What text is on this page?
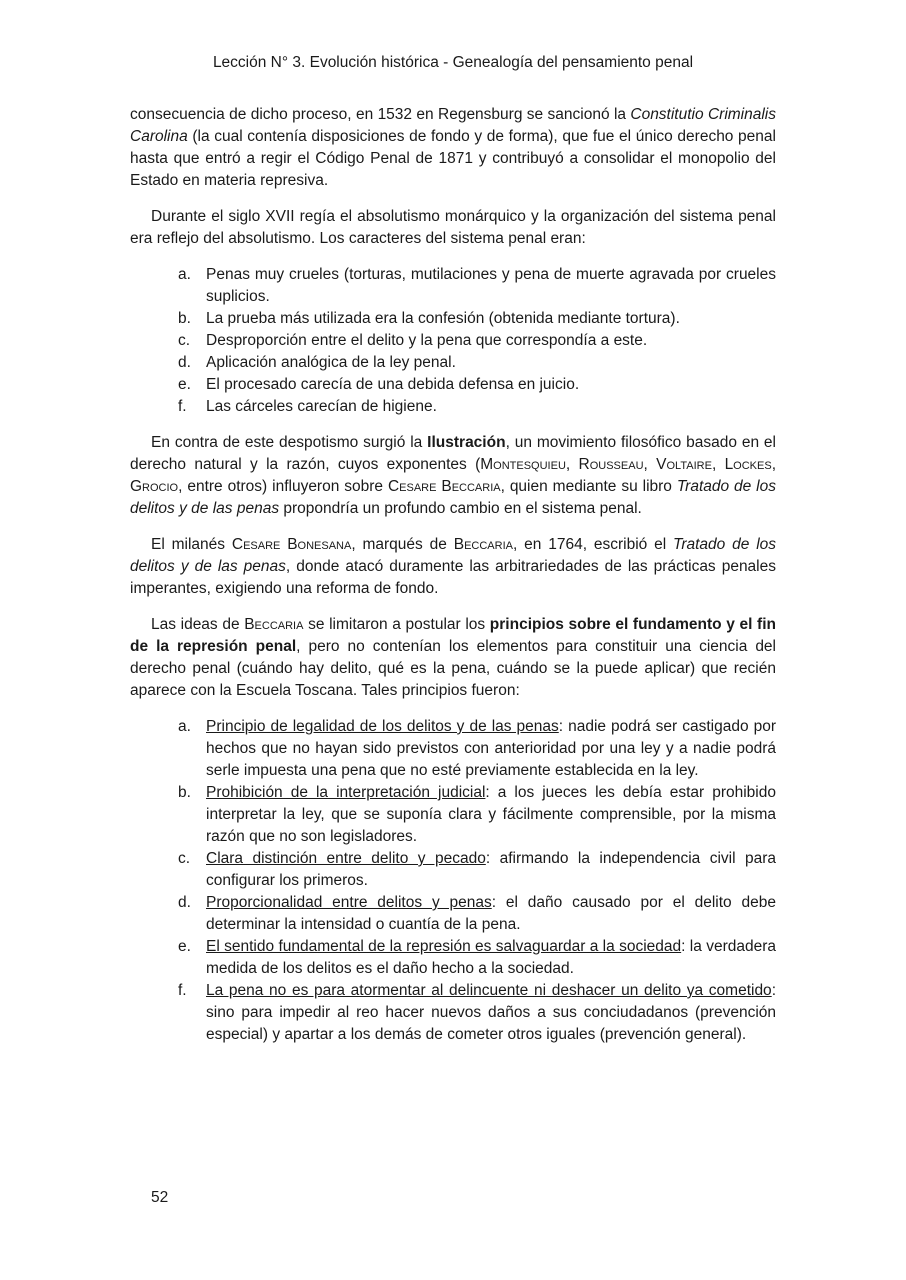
Lección N° 3. Evolución histórica - Genealogía del pensamiento penal

consecuencia de dicho proceso, en 1532 en Regensburg se sancionó la Constitutio Criminalis Carolina (la cual contenía disposiciones de fondo y de forma), que fue el único derecho penal hasta que entró a regir el Código Penal de 1871 y contribuyó a consolidar el monopolio del Estado en materia represiva.

Durante el siglo XVII regía el absolutismo monárquico y la organización del sistema penal era reflejo del absolutismo. Los caracteres del sistema penal eran:

a. Penas muy crueles (torturas, mutilaciones y pena de muerte agravada por crueles suplicios.
b. La prueba más utilizada era la confesión (obtenida mediante tortura).
c. Desproporción entre el delito y la pena que correspondía a este.
d. Aplicación analógica de la ley penal.
e. El procesado carecía de una debida defensa en juicio.
f. Las cárceles carecían de higiene.

En contra de este despotismo surgió la Ilustración, un movimiento filosófico basado en el derecho natural y la razón, cuyos exponentes (Montesquieu, Rousseau, Voltaire, Lockes, Grocio, entre otros) influyeron sobre Cesare Beccaria, quien mediante su libro Tratado de los delitos y de las penas propondría un profundo cambio en el sistema penal.

El milanés Cesare Bonesana, marqués de Beccaria, en 1764, escribió el Tratado de los delitos y de las penas, donde atacó duramente las arbitrariedades de las prácticas penales imperantes, exigiendo una reforma de fondo.

Las ideas de Beccaria se limitaron a postular los principios sobre el fundamento y el fin de la represión penal, pero no contenían los elementos para constituir una ciencia del derecho penal (cuándo hay delito, qué es la pena, cuándo se la puede aplicar) que recién aparece con la Escuela Toscana. Tales principios fueron:

a. Principio de legalidad de los delitos y de las penas: nadie podrá ser castigado por hechos que no hayan sido previstos con anterioridad por una ley y a nadie podrá serle impuesta una pena que no esté previamente establecida en la ley.
b. Prohibición de la interpretación judicial: a los jueces les debía estar prohibido interpretar la ley, que se suponía clara y fácilmente comprensible, por la misma razón que no son legisladores.
c. Clara distinción entre delito y pecado: afirmando la independencia civil para configurar los primeros.
d. Proporcionalidad entre delitos y penas: el daño causado por el delito debe determinar la intensidad o cuantía de la pena.
e. El sentido fundamental de la represión es salvaguardar a la sociedad: la verdadera medida de los delitos es el daño hecho a la sociedad.
f. La pena no es para atormentar al delincuente ni deshacer un delito ya cometido: sino para impedir al reo hacer nuevos daños a sus conciudadanos (prevención especial) y apartar a los demás de cometer otros iguales (prevención general).
52
